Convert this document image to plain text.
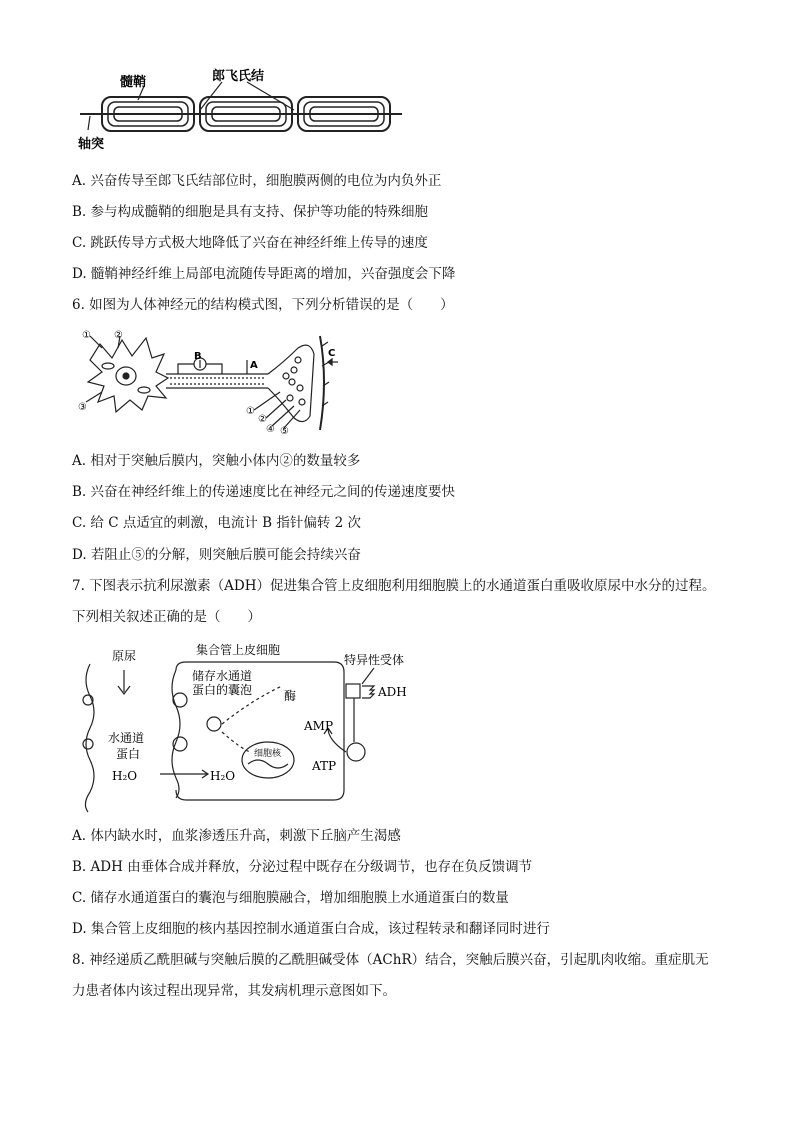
髓鞘	郎飞氏结
轴突
A. 兴奋传导至郎飞氏结部位时，细胞膜两侧的电位为内负外正
B. 参与构成髓鞘的细胞是具有支持、保护等功能的特殊细胞
C. 跳跃传导方式极大地降低了兴奋在神经纤维上传导的速度
D. 髓鞘神经纤维上局部电流随传导距离的增加，兴奋强度会下降
6. 如图为人体神经元的结构模式图，下列分析错误的是（　　）
① ②
③
B
A
C
①
②
④ ⑤
A. 相对于突触后膜内，突触小体内②的数量较多
B. 兴奋在神经纤维上的传递速度比在神经元之间的传递速度要快
C. 给 C 点适宜的刺激，电流计 B 指针偏转 2 次
D. 若阻止⑤的分解，则突触后膜可能会持续兴奋
7. 下图表示抗利尿激素（ADH）促进集合管上皮细胞利用细胞膜上的水通道蛋白重吸收原尿中水分的过程。
下列相关叙述正确的是（　　）
原尿	集合管上皮细胞
储存水通道
蛋白的囊泡	酶
特异性受体
ADH
AMP
ATP
细胞核
水通道
蛋白
H₂O	H₂O
A. 体内缺水时，血浆渗透压升高，刺激下丘脑产生渴感
B. ADH 由垂体合成并释放，分泌过程中既存在分级调节，也存在负反馈调节
C. 储存水通道蛋白的囊泡与细胞膜融合，增加细胞膜上水通道蛋白的数量
D. 集合管上皮细胞的核内基因控制水通道蛋白合成，该过程转录和翻译同时进行
8. 神经递质乙酰胆碱与突触后膜的乙酰胆碱受体（AChR）结合，突触后膜兴奋，引起肌肉收缩。重症肌无
力患者体内该过程出现异常，其发病机理示意图如下。
